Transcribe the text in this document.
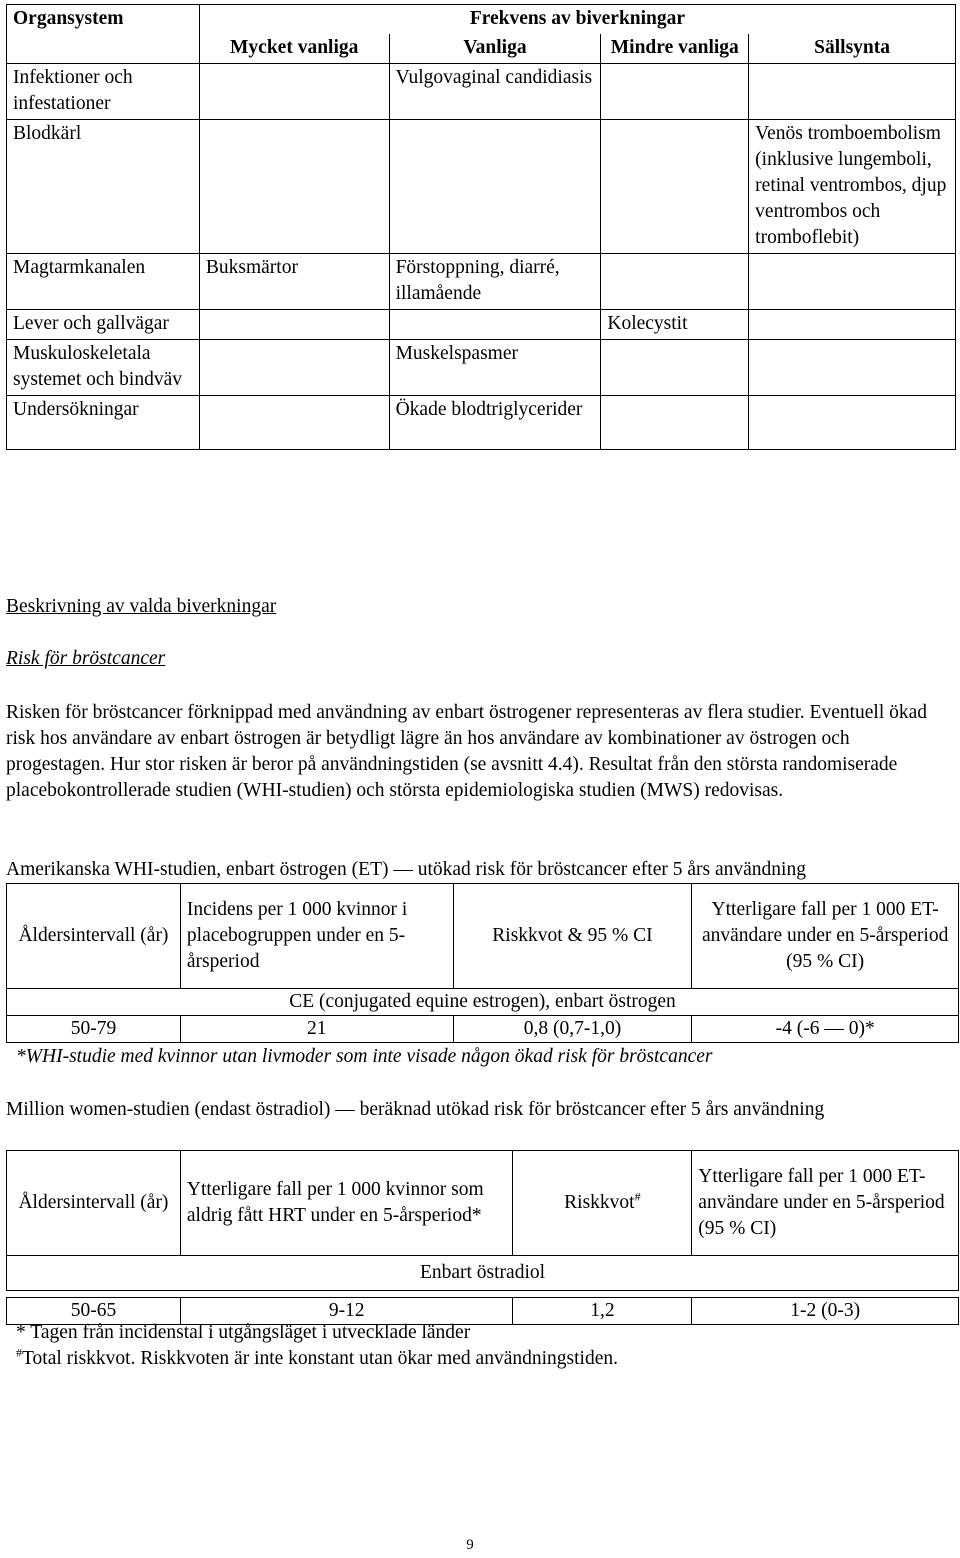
Organsystem	Frekvens av biverkningar			
	Mycket vanliga	Vanliga	Mindre vanliga	Sällsynta
Infektioner och infestationer		Vulgovaginal candidiasis		
Blodkärl				Venös tromboembolism (inklusive lungemboli, retinal ventrombos, djup ventrombos och tromboflebit)
Magtarmkanalen	Buksmärtor	Förstoppning, diarré, illamående		
Lever och gallvägar			Kolecystit	
Muskuloskeletala systemet och bindväv		Muskelspasmer		
Undersökningar		Ökade blodtriglycerider		
Beskrivning av valda biverkningar
Risk för bröstcancer
Risken för bröstcancer förknippad med användning av enbart östrogener representeras av flera studier. Eventuell ökad risk hos användare av enbart östrogen är betydligt lägre än hos användare av kombinationer av östrogen och progestagen. Hur stor risken är beror på användningstiden (se avsnitt 4.4). Resultat från den största randomiserade placebokontrollerade studien (WHI-studien) och största epidemiologiska studien (MWS) redovisas.
Amerikanska WHI-studien, enbart östrogen (ET) — utökad risk för bröstcancer efter 5 års användning
Åldersintervall (år)	Incidens per 1 000 kvinnor i placebogruppen under en 5-årsperiod	Riskkvot & 95 % CI	Ytterligare fall per 1 000 ET-användare under en 5-årsperiod (95 % CI)
CE (conjugated equine estrogen), enbart östrogen			
50-79	21	0,8 (0,7-1,0)	-4 (-6 — 0)*
*WHI-studie med kvinnor utan livmoder som inte visade någon ökad risk för bröstcancer
Million women-studien (endast östradiol) — beräknad utökad risk för bröstcancer efter 5 års användning
Åldersintervall (år)	Ytterligare fall per 1 000 kvinnor som aldrig fått HRT under en 5-årsperiod*	Riskkvot#	Ytterligare fall per 1 000 ET-användare under en 5-årsperiod (95 % CI)
Enbart östradiol			

50-65	9-12	1,2	1-2 (0-3)
* Tagen från incidenstal i utgångsläget i utvecklade länder
#Total riskkvot. Riskkvoten är inte konstant utan ökar med användningstiden.
9
